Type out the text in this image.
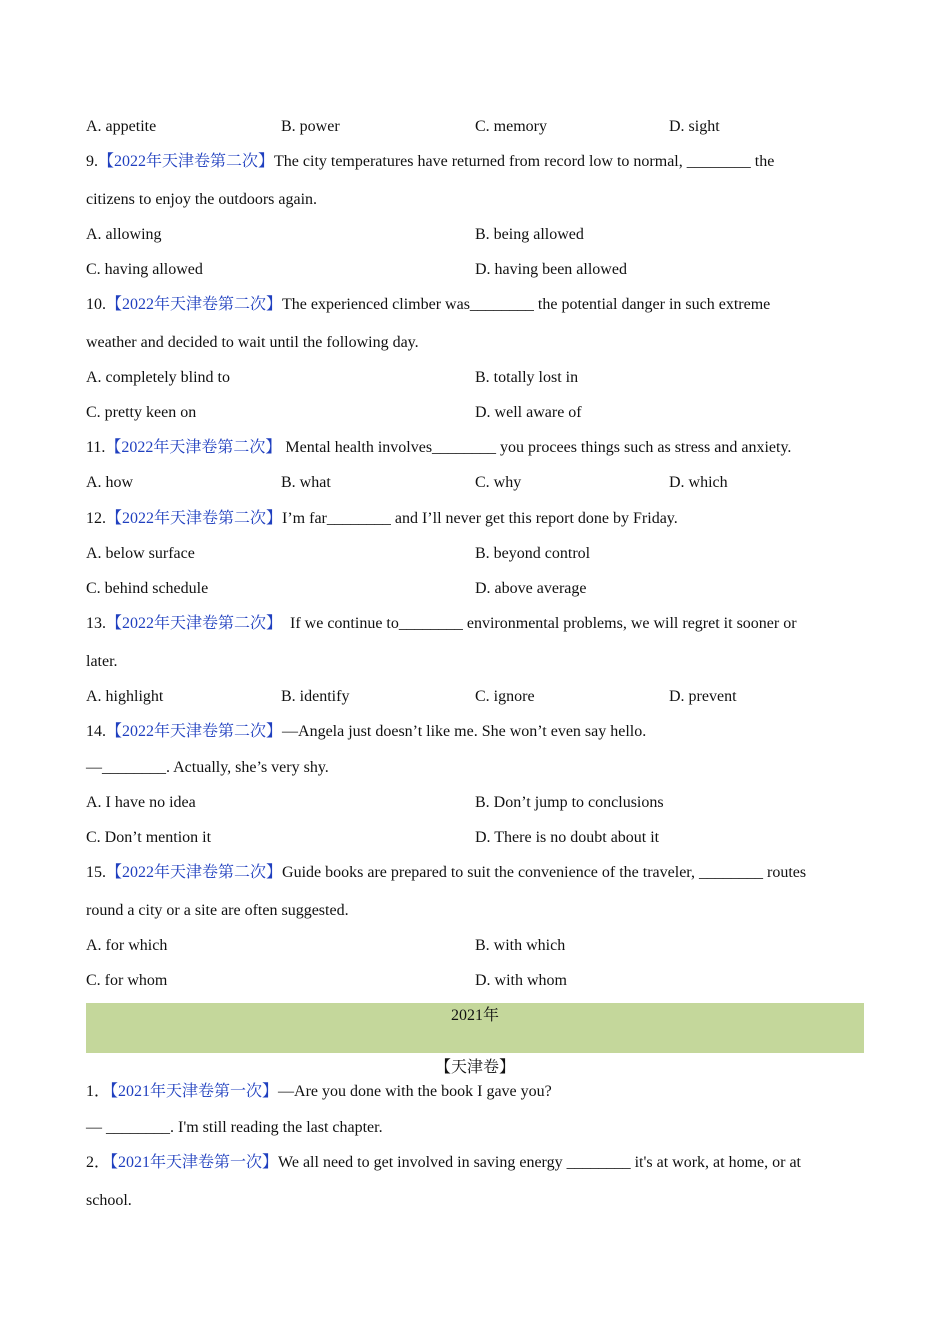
A. appetite	B. power	C. memory	D. sight
9.【2022年天津卷第二次】The city temperatures have returned from record low to normal, ________ the
citizens to enjoy the outdoors again.
A. allowing	B. being allowed
C. having allowed	D. having been allowed
10.【2022年天津卷第二次】The experienced climber was________ the potential danger in such extreme
weather and decided to wait until the following day.
A. completely blind to	B. totally lost in
C. pretty keen on	D. well aware of
11.【2022年天津卷第二次】 Mental health involves________ you procees things such as stress and anxiety.
A. how	B. what	C. why	D. which
12.【2022年天津卷第二次】I’m far________ and I’ll never get this report done by Friday.
A. below surface	B. beyond control
C. behind schedule	D. above average
13.【2022年天津卷第二次】  If we continue to________ environmental problems, we will regret it sooner or
later.
A. highlight	B. identify	C. ignore	D. prevent
14.【2022年天津卷第二次】—Angela just doesn’t like me. She won’t even say hello.
—________. Actually, she’s very shy.
A. I have no idea	B. Don’t jump to conclusions
C. Don’t mention it	D. There is no doubt about it
15.【2022年天津卷第二次】Guide books are prepared to suit the convenience of the traveler, ________ routes
round a city or a site are often suggested.
A. for which	B. with which
C. for whom	D. with whom
2021年
【天津卷】
1．【2021年天津卷第一次】—Are you done with the book I gave you?
— ________. I'm still reading the last chapter.
2．【2021年天津卷第一次】We all need to get involved in saving energy ________ it's at work, at home, or at
school.
